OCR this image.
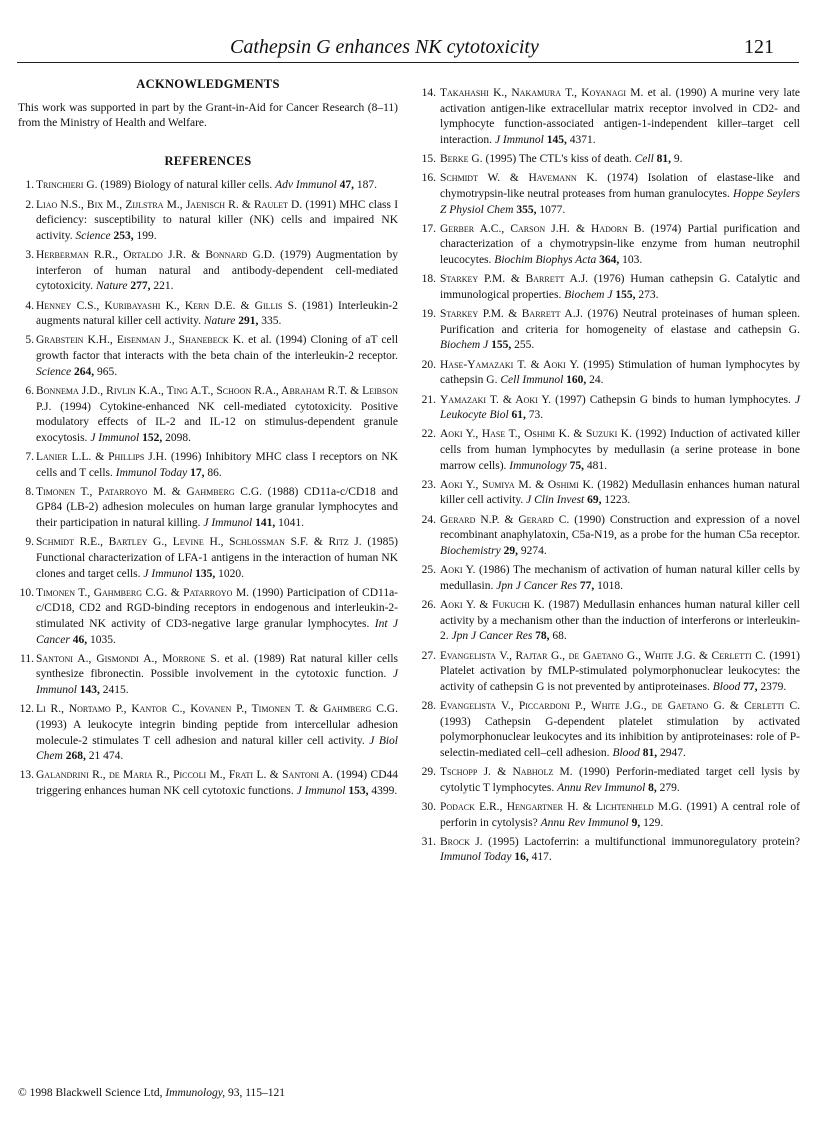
Cathepsin G enhances NK cytotoxicity	121
ACKNOWLEDGMENTS

This work was supported in part by the Grant-in-Aid for Cancer Research (8–11) from the Ministry of Health and Welfare.

REFERENCES
1. Trinchieri G. (1989) Biology of natural killer cells. Adv Immunol 47, 187.
2. Liao N.S., Bix M., Zijlstra M., Jaenisch R. & Raulet D. (1991) MHC class I deficiency: susceptibility to natural killer (NK) cells and impaired NK activity. Science 253, 199.
3. Herberman R.R., Ortaldo J.R. & Bonnard G.D. (1979) Augmentation by interferon of human natural and antibody-dependent cell-mediated cytotoxicity. Nature 277, 221.
4. Henney C.S., Kuribayashi K., Kern D.E. & Gillis S. (1981) Interleukin-2 augments natural killer cell activity. Nature 291, 335.
5. Grabstein K.H., Eisenman J., Shanebeck K. et al. (1994) Cloning of aT cell growth factor that interacts with the beta chain of the interleukin-2 receptor. Science 264, 965.
6. Bonnema J.D., Rivlin K.A., Ting A.T., Schoon R.A., Abraham R.T. & Leibson P.J. (1994) Cytokine-enhanced NK cell-mediated cytotoxicity. Positive modulatory effects of IL-2 and IL-12 on stimulus-dependent granule exocytosis. J Immunol 152, 2098.
7. Lanier L.L. & Phillips J.H. (1996) Inhibitory MHC class I receptors on NK cells and T cells. Immunol Today 17, 86.
8. Timonen T., Patarroyo M. & Gahmberg C.G. (1988) CD11a-c/CD18 and GP84 (LB-2) adhesion molecules on human large granular lymphocytes and their participation in natural killing. J Immunol 141, 1041.
9. Schmidt R.E., Bartley G., Levine H., Schlossman S.F. & Ritz J. (1985) Functional characterization of LFA-1 antigens in the interaction of human NK clones and target cells. J Immunol 135, 1020.
10. Timonen T., Gahmberg C.G. & Patarroyo M. (1990) Participation of CD11a-c/CD18, CD2 and RGD-binding receptors in endogenous and interleukin-2-stimulated NK activity of CD3-negative large granular lymphocytes. Int J Cancer 46, 1035.
11. Santoni A., Gismondi A., Morrone S. et al. (1989) Rat natural killer cells synthesize fibronectin. Possible involvement in the cytotoxic function. J Immunol 143, 2415.
12. Li R., Nortamo P., Kantor C., Kovanen P., Timonen T. & Gahmberg C.G. (1993) A leukocyte integrin binding peptide from intercellular adhesion molecule-2 stimulates T cell adhesion and natural killer cell activity. J Biol Chem 268, 21 474.
13. Galandrini R., de Maria R., Piccoli M., Frati L. & Santoni A. (1994) CD44 triggering enhances human NK cell cytotoxic functions. J Immunol 153, 4399.
14. Takahashi K., Nakamura T., Koyanagi M. et al. (1990) A murine very late activation antigen-like extracellular matrix receptor involved in CD2- and lymphocyte function-associated antigen-1-independent killer–target cell interaction. J Immunol 145, 4371.
15. Berke G. (1995) The CTL's kiss of death. Cell 81, 9.
16. Schmidt W. & Havemann K. (1974) Isolation of elastase-like and chymotrypsin-like neutral proteases from human granulocytes. Hoppe Seylers Z Physiol Chem 355, 1077.
17. Gerber A.C., Carson J.H. & Hadorn B. (1974) Partial purification and characterization of a chymotrypsin-like enzyme from human neutrophil leucocytes. Biochim Biophys Acta 364, 103.
18. Starkey P.M. & Barrett A.J. (1976) Human cathepsin G. Catalytic and immunological properties. Biochem J 155, 273.
19. Starkey P.M. & Barrett A.J. (1976) Neutral proteinases of human spleen. Purification and criteria for homogeneity of elastase and cathepsin G. Biochem J 155, 255.
20. Hase-Yamazaki T. & Aoki Y. (1995) Stimulation of human lymphocytes by cathepsin G. Cell Immunol 160, 24.
21. Yamazaki T. & Aoki Y. (1997) Cathepsin G binds to human lymphocytes. J Leukocyte Biol 61, 73.
22. Aoki Y., Hase T., Oshimi K. & Suzuki K. (1992) Induction of activated killer cells from human lymphocytes by medullasin (a serine protease in bone marrow cells). Immunology 75, 481.
23. Aoki Y., Sumiya M. & Oshimi K. (1982) Medullasin enhances human natural killer cell activity. J Clin Invest 69, 1223.
24. Gerard N.P. & Gerard C. (1990) Construction and expression of a novel recombinant anaphylatoxin, C5a-N19, as a probe for the human C5a receptor. Biochemistry 29, 9274.
25. Aoki Y. (1986) The mechanism of activation of human natural killer cells by medullasin. Jpn J Cancer Res 77, 1018.
26. Aoki Y. & Fukuchi K. (1987) Medullasin enhances human natural killer cell activity by a mechanism other than the induction of interferons or interleukin-2. Jpn J Cancer Res 78, 68.
27. Evangelista V., Rajtar G., de Gaetano G., White J.G. & Cerletti C. (1991) Platelet activation by fMLP-stimulated polymorphonuclear leukocytes: the activity of cathepsin G is not prevented by antiproteinases. Blood 77, 2379.
28. Evangelista V., Piccardoni P., White J.G., de Gaetano G. & Cerletti C. (1993) Cathepsin G-dependent platelet stimulation by activated polymorphonuclear leukocytes and its inhibition by antiproteinases: role of P-selectin-mediated cell–cell adhesion. Blood 81, 2947.
29. Tschopp J. & Nabholz M. (1990) Perforin-mediated target cell lysis by cytolytic T lymphocytes. Annu Rev Immunol 8, 279.
30. Podack E.R., Hengartner H. & Lichtenheld M.G. (1991) A central role of perforin in cytolysis? Annu Rev Immunol 9, 129.
31. Brock J. (1995) Lactoferrin: a multifunctional immunoregulatory protein? Immunol Today 16, 417.
© 1998 Blackwell Science Ltd, Immunology, 93, 115–121
